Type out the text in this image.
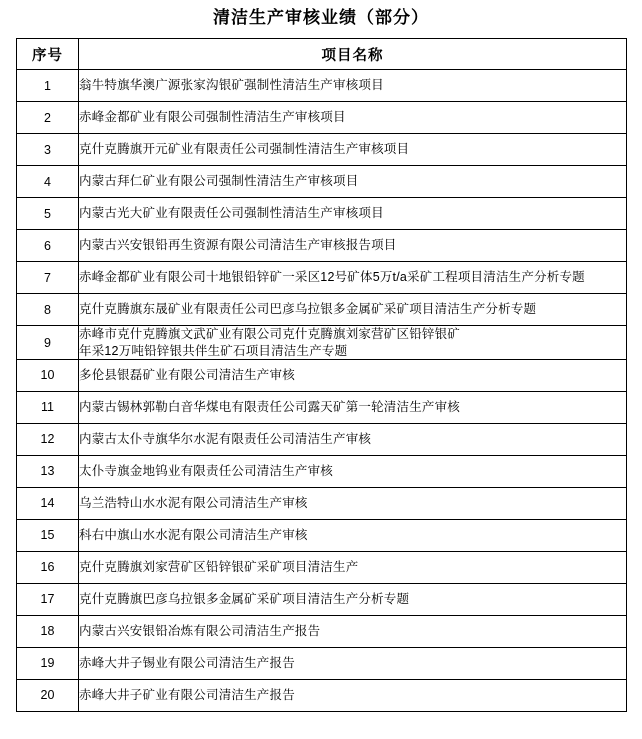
清洁生产审核业绩（部分）
序号	项目名称
1	翁牛特旗华澳广源张家沟银矿强制性清洁生产审核项目

2	赤峰金都矿业有限公司强制性清洁生产审核项目

3	克什克腾旗开元矿业有限责任公司强制性清洁生产审核项目

4	内蒙古拜仁矿业有限公司强制性清洁生产审核项目

5	内蒙古光大矿业有限责任公司强制性清洁生产审核项目

6	内蒙古兴安银铅再生资源有限公司清洁生产审核报告项目

7	赤峰金都矿业有限公司十地银铅锌矿一采区12号矿体5万t/a采矿工程项目清洁生产分析专题

8	克什克腾旗东晟矿业有限责任公司巴彦乌拉银多金属矿采矿项目清洁生产分析专题

9	赤峰市克什克腾旗文武矿业有限公司克什克腾旗刘家营矿区铅锌银矿
年采12万吨铅锌银共伴生矿石项目清洁生产专题

10	多伦县银磊矿业有限公司清洁生产审核

11	内蒙古锡林郭勒白音华煤电有限责任公司露天矿第一轮清洁生产审核

12	内蒙古太仆寺旗华尔水泥有限责任公司清洁生产审核

13	太仆寺旗金地钨业有限责任公司清洁生产审核

14	乌兰浩特山水水泥有限公司清洁生产审核

15	科右中旗山水水泥有限公司清洁生产审核

16	克什克腾旗刘家营矿区铅锌银矿采矿项目清洁生产

17	克什克腾旗巴彦乌拉银多金属矿采矿项目清洁生产分析专题

18	内蒙古兴安银铅冶炼有限公司清洁生产报告

19	赤峰大井子锡业有限公司清洁生产报告

20	赤峰大井子矿业有限公司清洁生产报告
